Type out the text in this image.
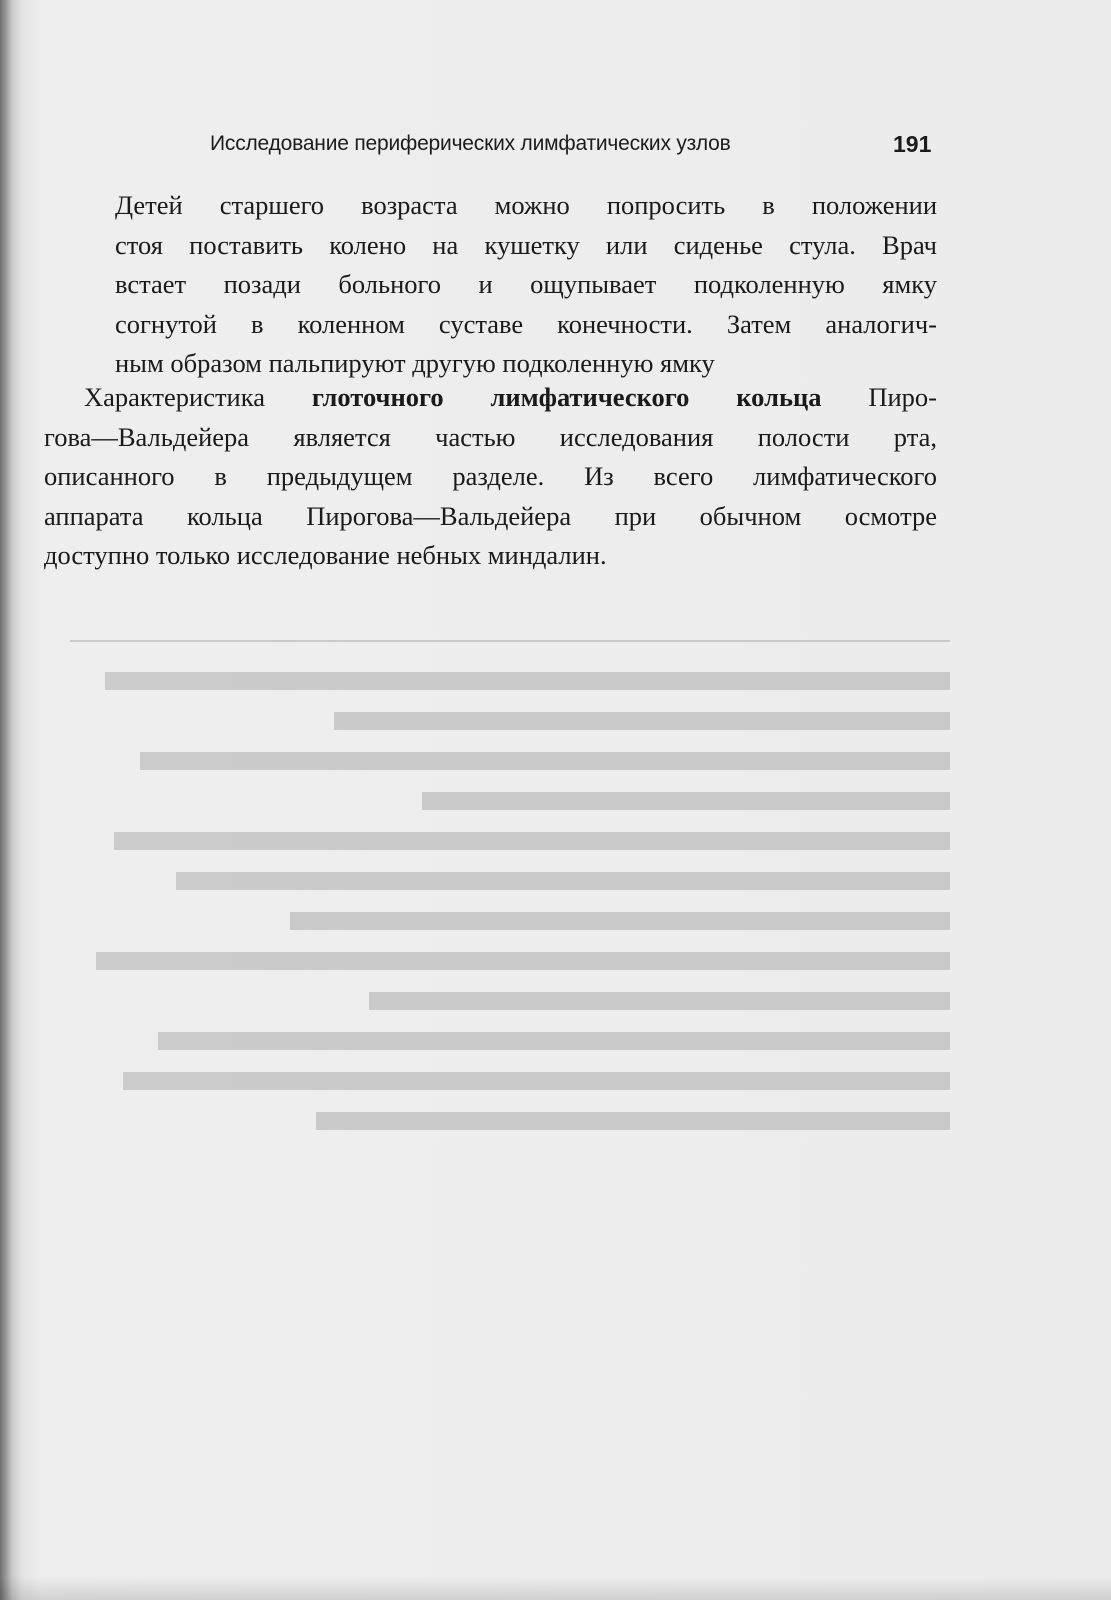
Исследование периферических лимфатических узлов	191
Детей старшего возраста можно попросить в положении
стоя поставить колено на кушетку или сиденье стула. Врач
встает позади больного и ощупывает подколенную ямку
согнутой в коленном суставе конечности. Затем аналогич-
ным образом пальпируют другую подколенную ямку
Характеристика глоточного лимфатического кольца Пиро-
гова—Вальдейера является частью исследования полости рта,
описанного в предыдущем разделе. Из всего лимфатического
аппарата кольца Пирогова—Вальдейера при обычном осмотре
доступно только исследование небных миндалин.
